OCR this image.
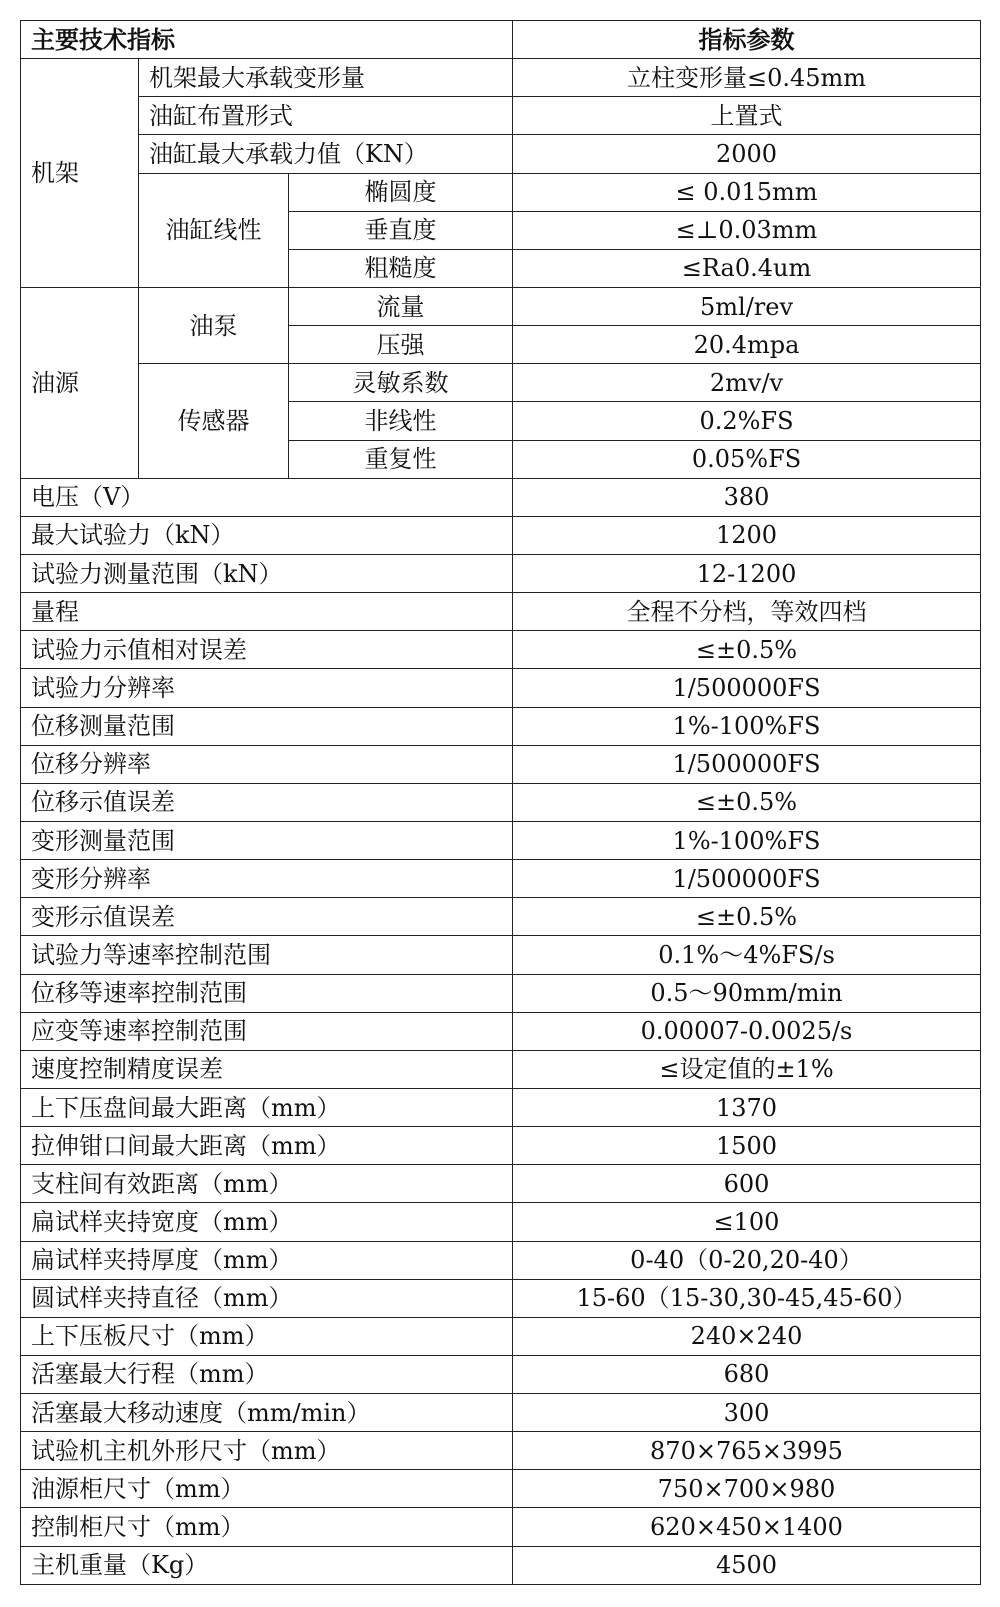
主要技术指标			指标参数
机架	机架最大承载变形量		立柱变形量≤0.45mm
	油缸布置形式		上置式
	油缸最大承载力值（KN）		2000
	油缸线性	椭圆度	≤ 0.015mm
		垂直度	≤⊥0.03mm
		粗糙度	≤Ra0.4um
油源	油泵	流量	5ml/rev
		压强	20.4mpa
	传感器	灵敏系数	2mv/v
		非线性	0.2%FS
		重复性	0.05%FS
电压（V）			380
最大试验力（kN）			1200
试验力测量范围（kN）			12-1200
量程			全程不分档，等效四档
试验力示值相对误差			≤±0.5%
试验力分辨率			1/500000FS
位移测量范围			1%-100%FS
位移分辨率			1/500000FS
位移示值误差			≤±0.5%
变形测量范围			1%-100%FS
变形分辨率			1/500000FS
变形示值误差			≤±0.5%
试验力等速率控制范围			0.1%～4%FS/s
位移等速率控制范围			0.5～90mm/min
应变等速率控制范围			0.00007-0.0025/s
速度控制精度误差			≤设定值的±1%
上下压盘间最大距离（mm）			1370
拉伸钳口间最大距离（mm）			1500
支柱间有效距离（mm）			600
扁试样夹持宽度（mm）			≤100
扁试样夹持厚度（mm）			0-40（0-20,20-40）
圆试样夹持直径（mm）			15-60（15-30,30-45,45-60）
上下压板尺寸（mm）			240×240
活塞最大行程（mm）			680
活塞最大移动速度（mm/min）			300
试验机主机外形尺寸（mm）			870×765×3995
油源柜尺寸（mm）			750×700×980
控制柜尺寸（mm）			620×450×1400
主机重量（Kg）			4500
